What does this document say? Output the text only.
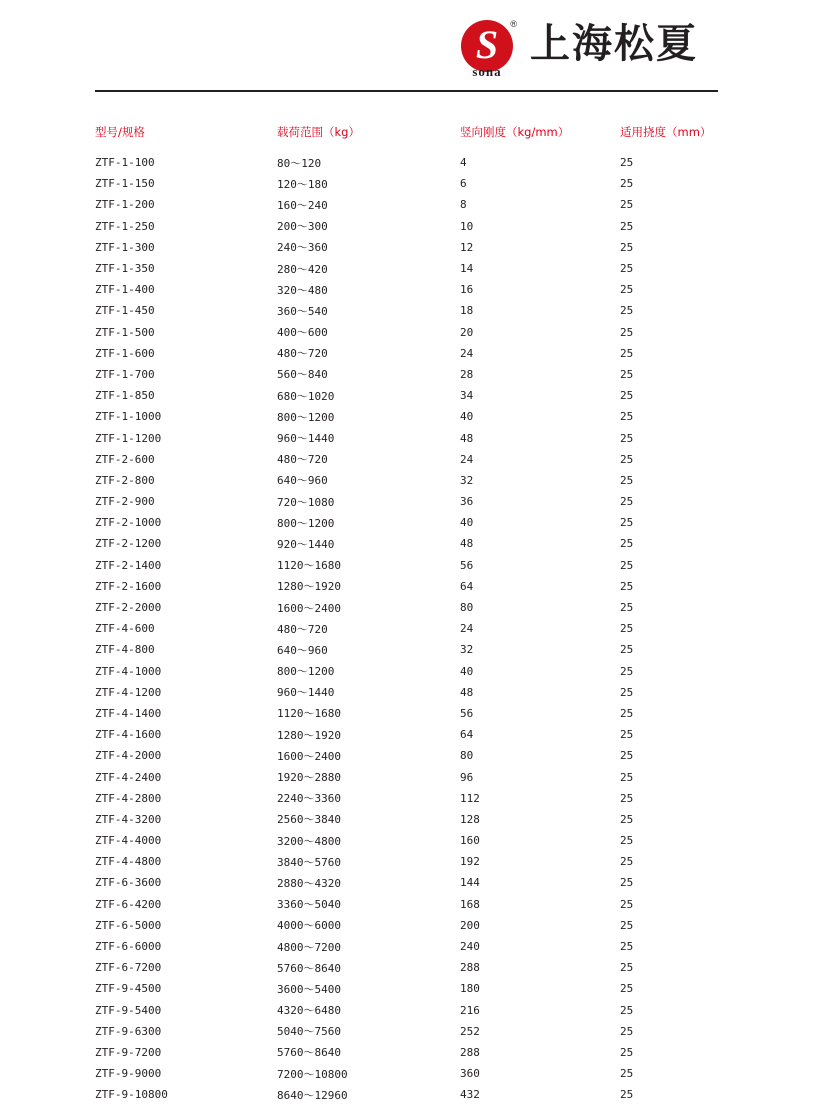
S ®
sona
上海松夏
型号/规格	载荷范围（kg）	竖向刚度（kg/mm）	适用挠度（mm）
ZTF-1-100	80～120	4	25
ZTF-1-150	120～180	6	25
ZTF-1-200	160～240	8	25
ZTF-1-250	200～300	10	25
ZTF-1-300	240～360	12	25
ZTF-1-350	280～420	14	25
ZTF-1-400	320～480	16	25
ZTF-1-450	360～540	18	25
ZTF-1-500	400～600	20	25
ZTF-1-600	480～720	24	25
ZTF-1-700	560～840	28	25
ZTF-1-850	680～1020	34	25
ZTF-1-1000	800～1200	40	25
ZTF-1-1200	960～1440	48	25
ZTF-2-600	480～720	24	25
ZTF-2-800	640～960	32	25
ZTF-2-900	720～1080	36	25
ZTF-2-1000	800～1200	40	25
ZTF-2-1200	920～1440	48	25
ZTF-2-1400	1120～1680	56	25
ZTF-2-1600	1280～1920	64	25
ZTF-2-2000	1600～2400	80	25
ZTF-4-600	480～720	24	25
ZTF-4-800	640～960	32	25
ZTF-4-1000	800～1200	40	25
ZTF-4-1200	960～1440	48	25
ZTF-4-1400	1120～1680	56	25
ZTF-4-1600	1280～1920	64	25
ZTF-4-2000	1600～2400	80	25
ZTF-4-2400	1920～2880	96	25
ZTF-4-2800	2240～3360	112	25
ZTF-4-3200	2560～3840	128	25
ZTF-4-4000	3200～4800	160	25
ZTF-4-4800	3840～5760	192	25
ZTF-6-3600	2880～4320	144	25
ZTF-6-4200	3360～5040	168	25
ZTF-6-5000	4000～6000	200	25
ZTF-6-6000	4800～7200	240	25
ZTF-6-7200	5760～8640	288	25
ZTF-9-4500	3600～5400	180	25
ZTF-9-5400	4320～6480	216	25
ZTF-9-6300	5040～7560	252	25
ZTF-9-7200	5760～8640	288	25
ZTF-9-9000	7200～10800	360	25
ZTF-9-10800	8640～12960	432	25
